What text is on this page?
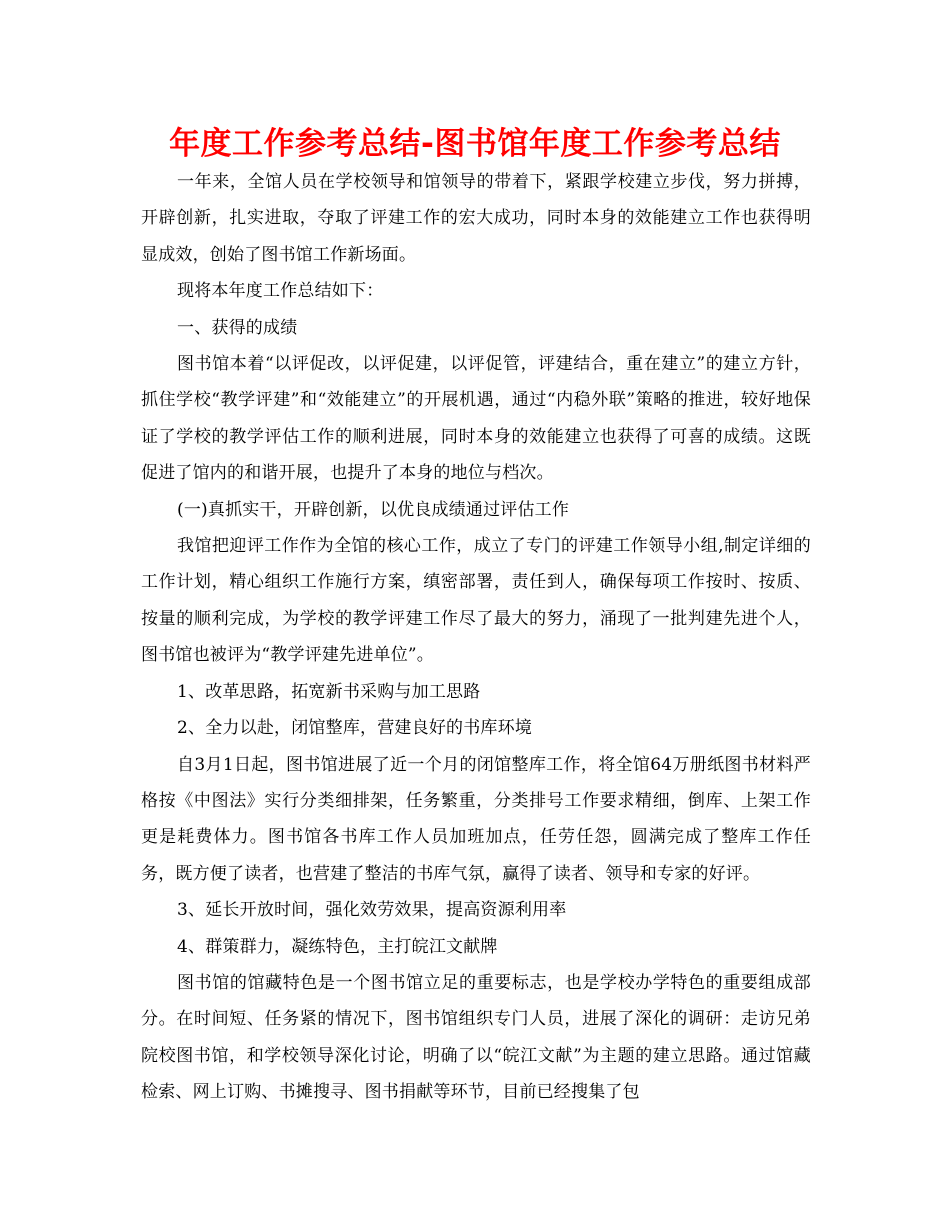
年度工作参考总结-图书馆年度工作参考总结

一年来，全馆人员在学校领导和馆领导的带着下，紧跟学校建立步伐，努力拼搏，开辟创新，扎实进取，夺取了评建工作的宏大成功，同时本身的效能建立工作也获得明显成效，创始了图书馆工作新场面。

现将本年度工作总结如下：

一、获得的成绩

图书馆本着“以评促改，以评促建，以评促管，评建结合，重在建立”的建立方针，抓住学校“教学评建”和“效能建立”的开展机遇，通过“内稳外联”策略的推进，较好地保证了学校的教学评估工作的顺利进展，同时本身的效能建立也获得了可喜的成绩。这既促进了馆内的和谐开展，也提升了本身的地位与档次。

(一)真抓实干，开辟创新，以优良成绩通过评估工作

我馆把迎评工作作为全馆的核心工作，成立了专门的评建工作领导小组,制定详细的工作计划，精心组织工作施行方案，缜密部署，责任到人，确保每项工作按时、按质、按量的顺利完成，为学校的教学评建工作尽了最大的努力，涌现了一批判建先进个人，图书馆也被评为“教学评建先进单位”。

1、改革思路，拓宽新书采购与加工思路

2、全力以赴，闭馆整库，营建良好的书库环境

自3月1日起，图书馆进展了近一个月的闭馆整库工作，将全馆64万册纸图书材料严格按《中图法》实行分类细排架，任务繁重，分类排号工作要求精细，倒库、上架工作更是耗费体力。图书馆各书库工作人员加班加点，任劳任怨，圆满完成了整库工作任务，既方便了读者，也营建了整洁的书库气氛，赢得了读者、领导和专家的好评。

3、延长开放时间，强化效劳效果，提高资源利用率

4、群策群力，凝练特色，主打皖江文献牌

图书馆的馆藏特色是一个图书馆立足的重要标志，也是学校办学特色的重要组成部分。在时间短、任务紧的情况下，图书馆组织专门人员，进展了深化的调研：走访兄弟院校图书馆，和学校领导深化讨论，明确了以“皖江文献”为主题的建立思路。通过馆藏检索、网上订购、书摊搜寻、图书捐献等环节，目前已经搜集了包
